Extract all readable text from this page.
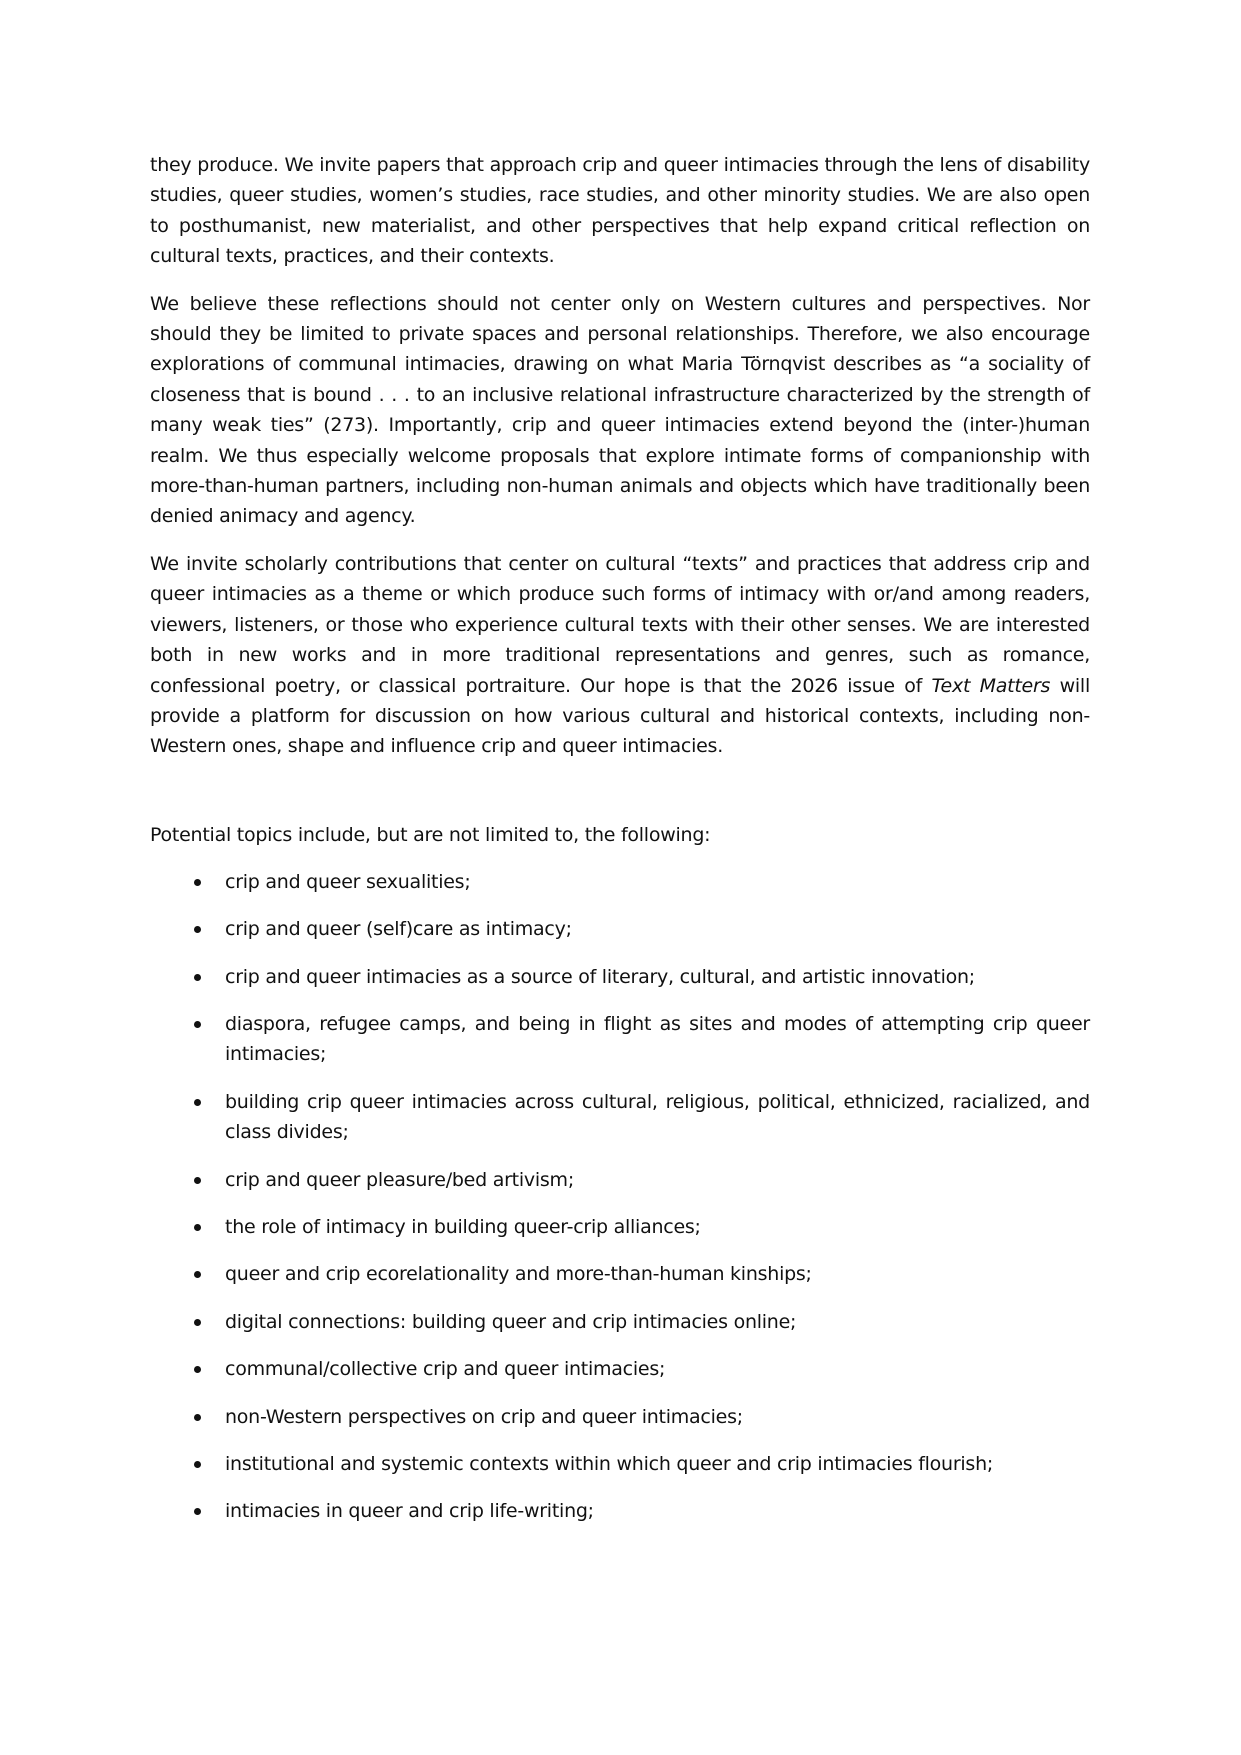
they produce. We invite papers that approach crip and queer intimacies through the lens of disability studies, queer studies, women’s studies, race studies, and other minority studies. We are also open to posthumanist, new materialist, and other perspectives that help expand critical reflection on cultural texts, practices, and their contexts.

We believe these reflections should not center only on Western cultures and perspectives. Nor should they be limited to private spaces and personal relationships. Therefore, we also encourage explorations of communal intimacies, drawing on what Maria Törnqvist describes as “a sociality of closeness that is bound . . . to an inclusive relational infrastructure characterized by the strength of many weak ties” (273). Importantly, crip and queer intimacies extend beyond the (inter-)human realm. We thus especially welcome proposals that explore intimate forms of companionship with more-than-human partners, including non-human animals and objects which have traditionally been denied animacy and agency.

We invite scholarly contributions that center on cultural “texts” and practices that address crip and queer intimacies as a theme or which produce such forms of intimacy with or/and among readers, viewers, listeners, or those who experience cultural texts with their other senses. We are interested both in new works and in more traditional representations and genres, such as romance, confessional poetry, or classical portraiture. Our hope is that the 2026 issue of Text Matters will provide a platform for discussion on how various cultural and historical contexts, including non-Western ones, shape and influence crip and queer intimacies.

Potential topics include, but are not limited to, the following:

crip and queer sexualities;
crip and queer (self)care as intimacy;
crip and queer intimacies as a source of literary, cultural, and artistic innovation;
diaspora, refugee camps, and being in flight as sites and modes of attempting crip queer intimacies;
building crip queer intimacies across cultural, religious, political, ethnicized, racialized, and class divides;
crip and queer pleasure/bed artivism;
the role of intimacy in building queer-crip alliances;
queer and crip ecorelationality and more-than-human kinships;
digital connections: building queer and crip intimacies online;
communal/collective crip and queer intimacies;
non-Western perspectives on crip and queer intimacies;
institutional and systemic contexts within which queer and crip intimacies flourish;
intimacies in queer and crip life-writing;
